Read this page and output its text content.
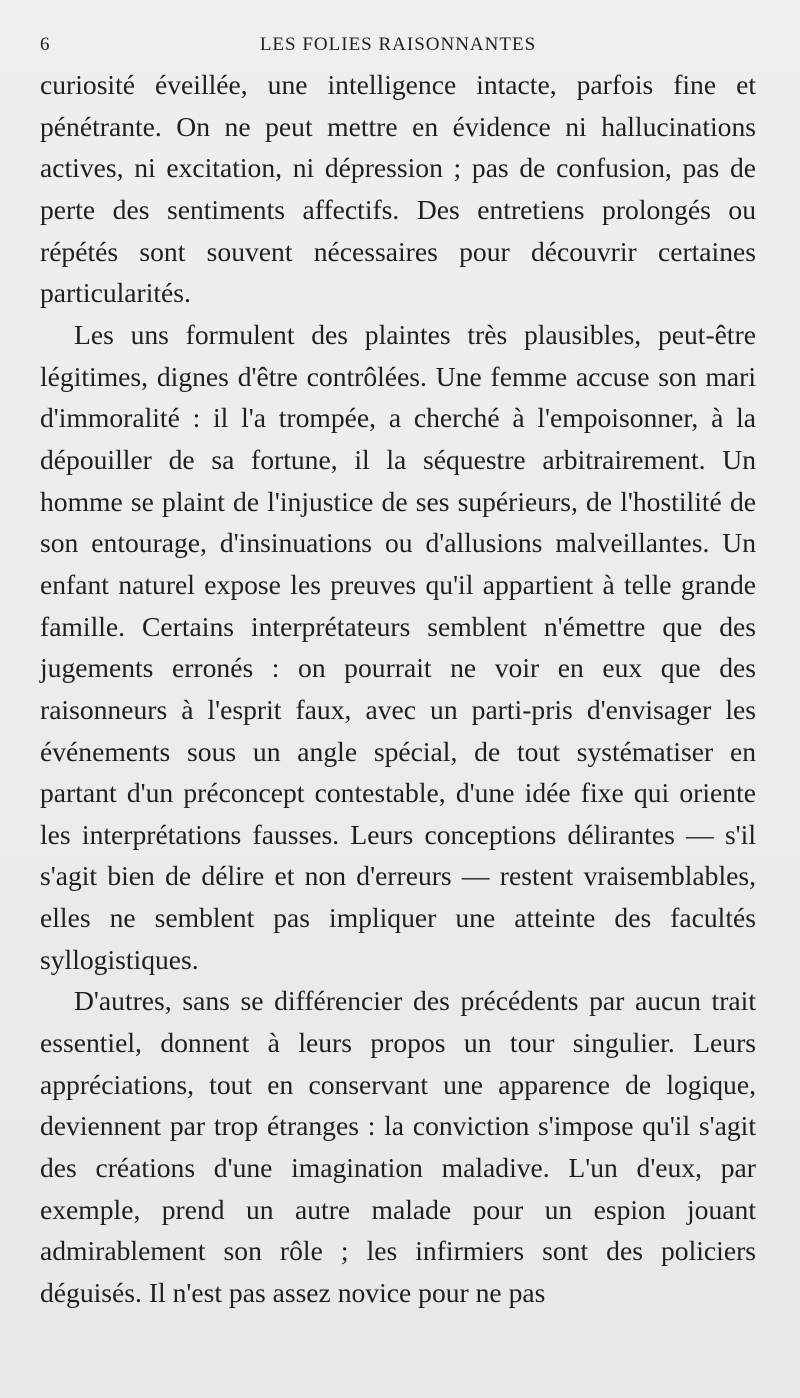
6	LES FOLIES RAISONNANTES

curiosité éveillée, une intelligence intacte, parfois fine et pénétrante. On ne peut mettre en évidence ni hallucinations actives, ni excitation, ni dépression ; pas de confusion, pas de perte des sentiments affectifs. Des entretiens prolongés ou répétés sont souvent nécessaires pour découvrir certaines particularités.

Les uns formulent des plaintes très plausibles, peut-être légitimes, dignes d'être contrôlées. Une femme accuse son mari d'immoralité : il l'a trompée, a cherché à l'empoisonner, à la dépouiller de sa fortune, il la séquestre arbitrairement. Un homme se plaint de l'injustice de ses supérieurs, de l'hostilité de son entourage, d'insinuations ou d'allusions malveillantes. Un enfant naturel expose les preuves qu'il appartient à telle grande famille. Certains interprétateurs semblent n'émettre que des jugements erronés : on pourrait ne voir en eux que des raisonneurs à l'esprit faux, avec un parti-pris d'envisager les événements sous un angle spécial, de tout systématiser en partant d'un préconcept contestable, d'une idée fixe qui oriente les interprétations fausses. Leurs conceptions délirantes — s'il s'agit bien de délire et non d'erreurs — restent vraisemblables, elles ne semblent pas impliquer une atteinte des facultés syllogistiques.

D'autres, sans se différencier des précédents par aucun trait essentiel, donnent à leurs propos un tour singulier. Leurs appréciations, tout en conservant une apparence de logique, deviennent par trop étranges : la conviction s'impose qu'il s'agit des créations d'une imagination maladive. L'un d'eux, par exemple, prend un autre malade pour un espion jouant admirablement son rôle ; les infirmiers sont des policiers déguisés. Il n'est pas assez novice pour ne pas
